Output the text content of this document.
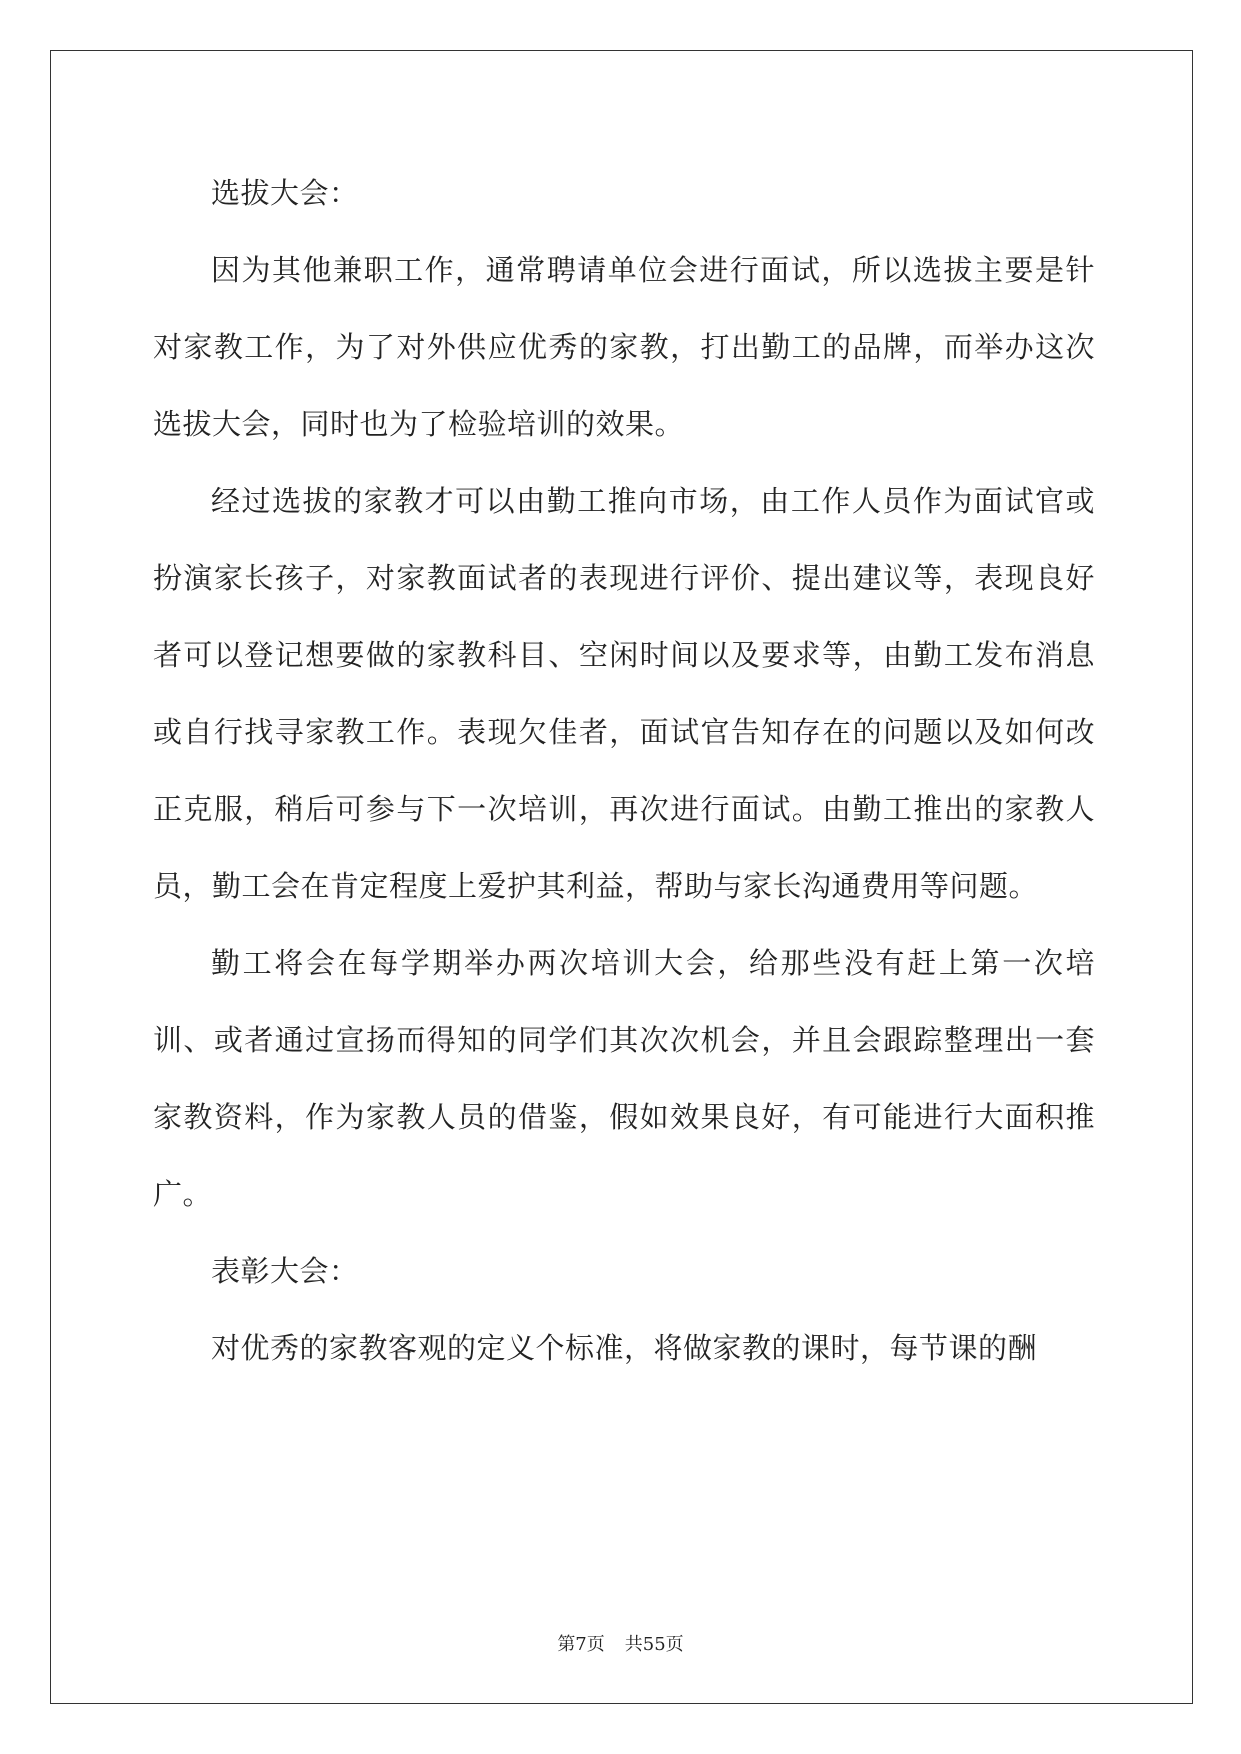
选拔大会：

因为其他兼职工作，通常聘请单位会进行面试，所以选拔主要是针对家教工作，为了对外供应优秀的家教，打出勤工的品牌，而举办这次选拔大会，同时也为了检验培训的效果。

经过选拔的家教才可以由勤工推向市场，由工作人员作为面试官或扮演家长孩子，对家教面试者的表现进行评价、提出建议等，表现良好者可以登记想要做的家教科目、空闲时间以及要求等，由勤工发布消息或自行找寻家教工作。表现欠佳者，面试官告知存在的问题以及如何改正克服，稍后可参与下一次培训，再次进行面试。由勤工推出的家教人员，勤工会在肯定程度上爱护其利益，帮助与家长沟通费用等问题。

勤工将会在每学期举办两次培训大会，给那些没有赶上第一次培训、或者通过宣扬而得知的同学们其次次机会，并且会跟踪整理出一套家教资料，作为家教人员的借鉴，假如效果良好，有可能进行大面积推广。

表彰大会：

对优秀的家教客观的定义个标准，将做家教的课时，每节课的酬

第7页 共55页
